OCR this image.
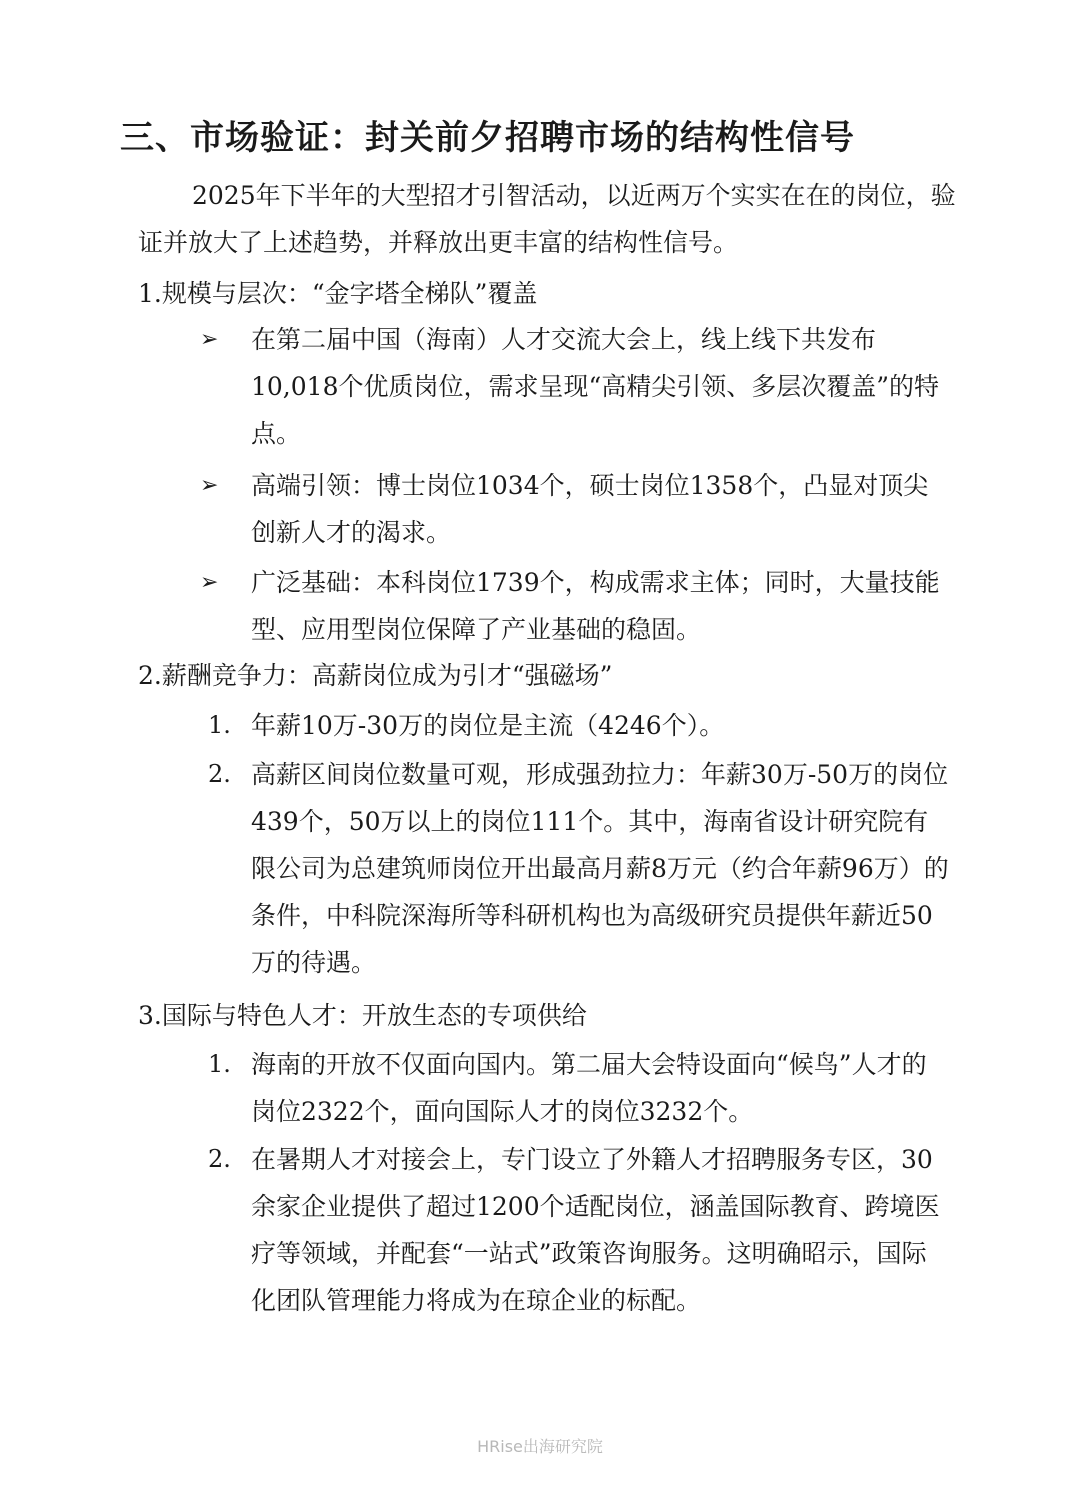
三、市场验证：封关前夕招聘市场的结构性信号

2025年下半年的大型招才引智活动，以近两万个实实在在的岗位，验证并放大了上述趋势，并释放出更丰富的结构性信号。

1.规模与层次：“金字塔全梯队”覆盖

➢	在第二届中国（海南）人才交流大会上，线上线下共发布10,018个优质岗位，需求呈现“高精尖引领、多层次覆盖”的特点。

➢	高端引领：博士岗位1034个，硕士岗位1358个，凸显对顶尖创新人才的渴求。

➢	广泛基础：本科岗位1739个，构成需求主体；同时，大量技能型、应用型岗位保障了产业基础的稳固。

2.薪酬竞争力：高薪岗位成为引才“强磁场”

1. 年薪10万-30万的岗位是主流（4246个）。

2. 高薪区间岗位数量可观，形成强劲拉力：年薪30万-50万的岗位439个，50万以上的岗位111个。其中，海南省设计研究院有限公司为总建筑师岗位开出最高月薪8万元（约合年薪96万）的条件，中科院深海所等科研机构也为高级研究员提供年薪近50万的待遇。

3.国际与特色人才：开放生态的专项供给

1. 海南的开放不仅面向国内。第二届大会特设面向“候鸟”人才的岗位2322个，面向国际人才的岗位3232个。

2. 在暑期人才对接会上，专门设立了外籍人才招聘服务专区，30余家企业提供了超过1200个适配岗位，涵盖国际教育、跨境医疗等领域，并配套“一站式”政策咨询服务。这明确昭示，国际化团队管理能力将成为在琼企业的标配。

HRise出海研究院
